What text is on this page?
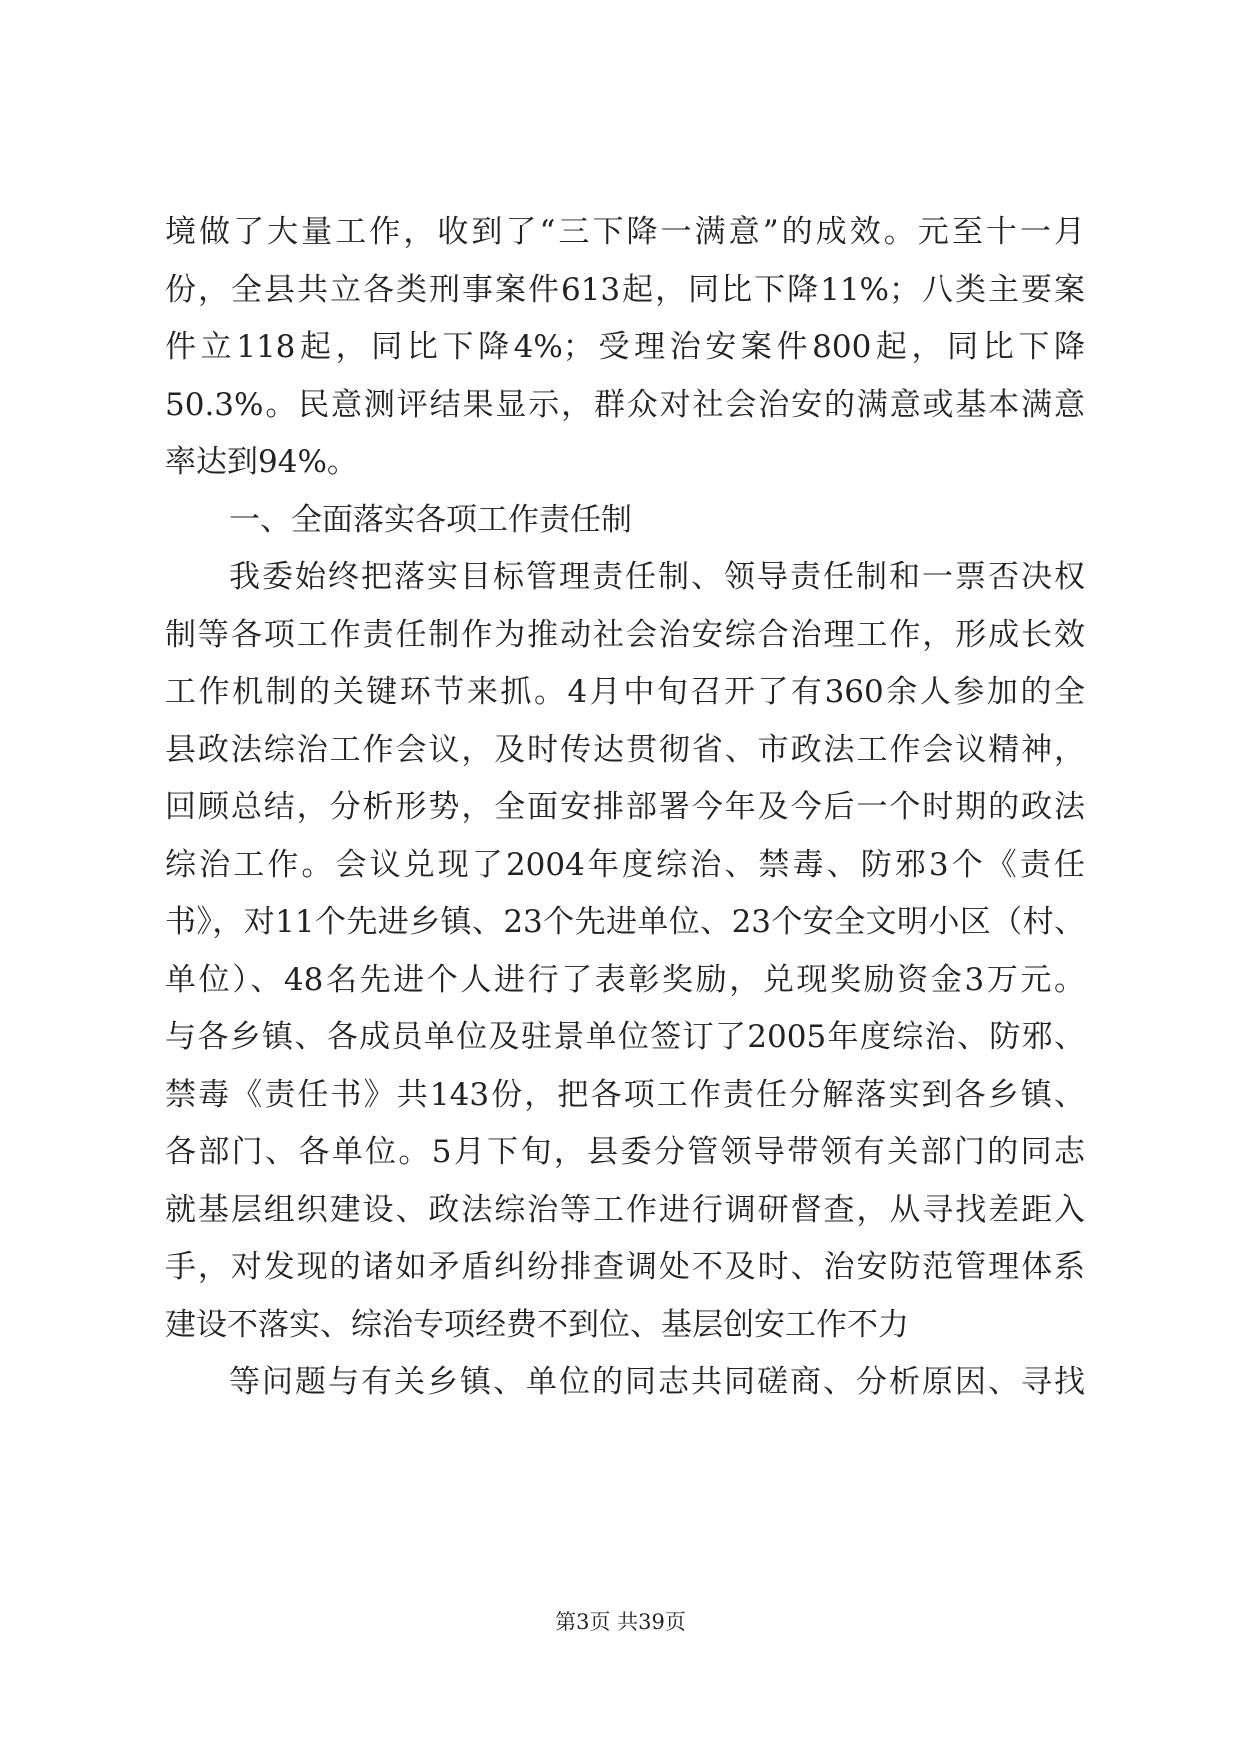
境做了大量工作，收到了“三下降一满意”的成效。元至十一月
份，全县共立各类刑事案件613起，同比下降11%；八类主要案
件立118起，同比下降4%；受理治安案件800起，同比下降
50.3%。民意测评结果显示，群众对社会治安的满意或基本满意
率达到94%。
一、全面落实各项工作责任制
我委始终把落实目标管理责任制、领导责任制和一票否决权
制等各项工作责任制作为推动社会治安综合治理工作，形成长效
工作机制的关键环节来抓。4月中旬召开了有360余人参加的全
县政法综治工作会议，及时传达贯彻省、市政法工作会议精神，
回顾总结，分析形势，全面安排部署今年及今后一个时期的政法
综治工作。会议兑现了2004年度综治、禁毒、防邪3个《责任
书》，对11个先进乡镇、23个先进单位、23个安全文明小区（村、
单位）、48名先进个人进行了表彰奖励，兑现奖励资金3万元。
与各乡镇、各成员单位及驻景单位签订了2005年度综治、防邪、
禁毒《责任书》共143份，把各项工作责任分解落实到各乡镇、
各部门、各单位。5月下旬，县委分管领导带领有关部门的同志
就基层组织建设、政法综治等工作进行调研督查，从寻找差距入
手，对发现的诸如矛盾纠纷排查调处不及时、治安防范管理体系
建设不落实、综治专项经费不到位、基层创安工作不力
等问题与有关乡镇、单位的同志共同磋商、分析原因、寻找
第3页 共39页
